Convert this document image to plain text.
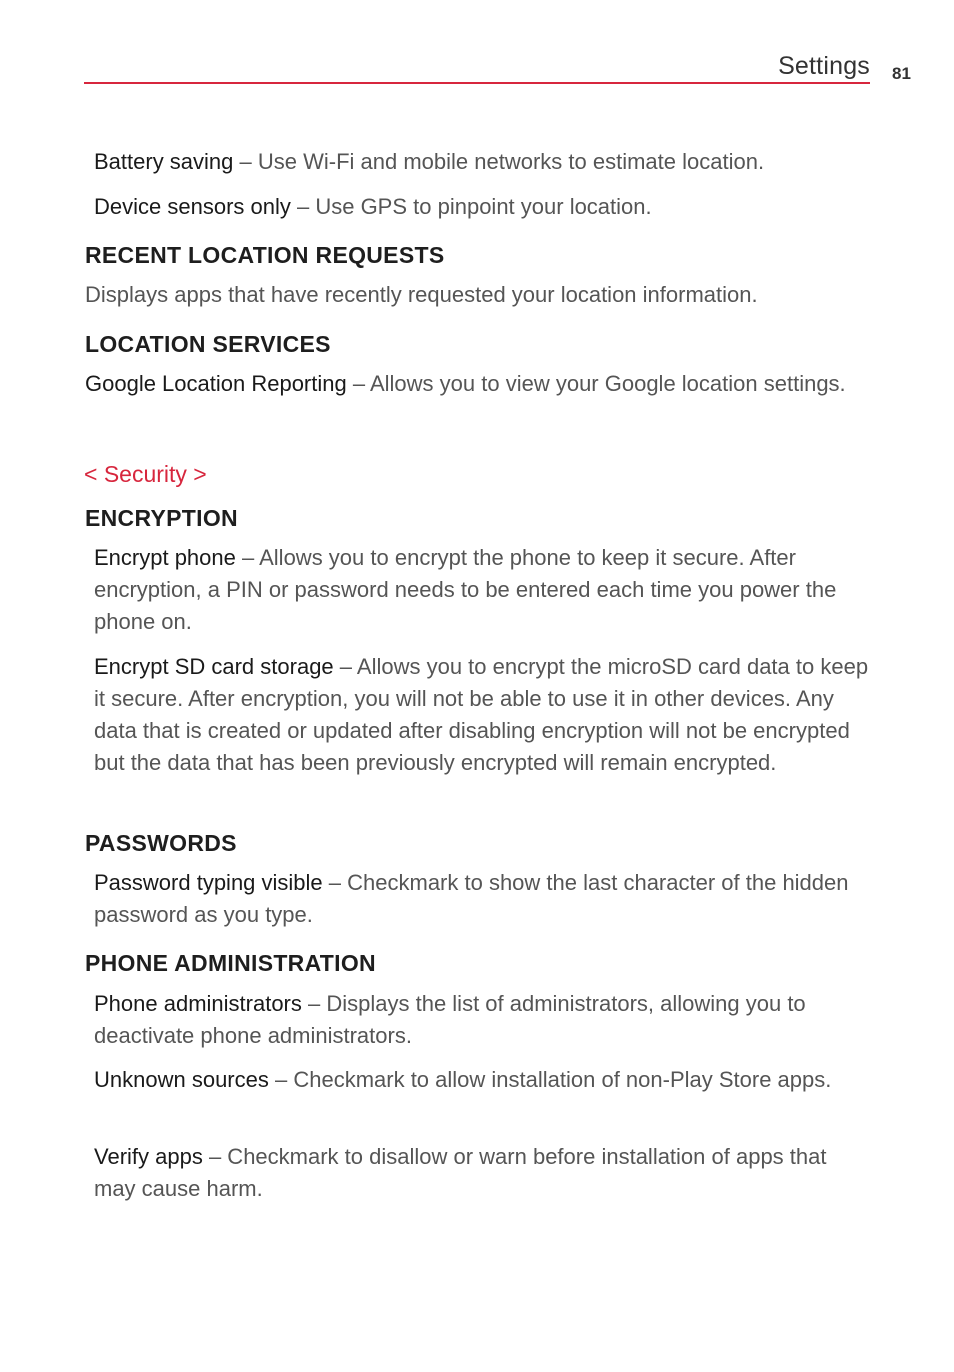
Settings 81
Battery saving – Use Wi-Fi and mobile networks to estimate location.
Device sensors only – Use GPS to pinpoint your location.
RECENT LOCATION REQUESTS
Displays apps that have recently requested your location information.
LOCATION SERVICES
Google Location Reporting – Allows you to view your Google location settings.
< Security >
ENCRYPTION
Encrypt phone – Allows you to encrypt the phone to keep it secure. After encryption, a PIN or password needs to be entered each time you power the phone on.
Encrypt SD card storage – Allows you to encrypt the microSD card data to keep it secure. After encryption, you will not be able to use it in other devices. Any data that is created or updated after disabling encryption will not be encrypted but the data that has been previously encrypted will remain encrypted.
PASSWORDS
Password typing visible – Checkmark to show the last character of the hidden password as you type.
PHONE ADMINISTRATION
Phone administrators – Displays the list of administrators, allowing you to deactivate phone administrators.
Unknown sources – Checkmark to allow installation of non-Play Store apps.
Verify apps – Checkmark to disallow or warn before installation of apps that may cause harm.
